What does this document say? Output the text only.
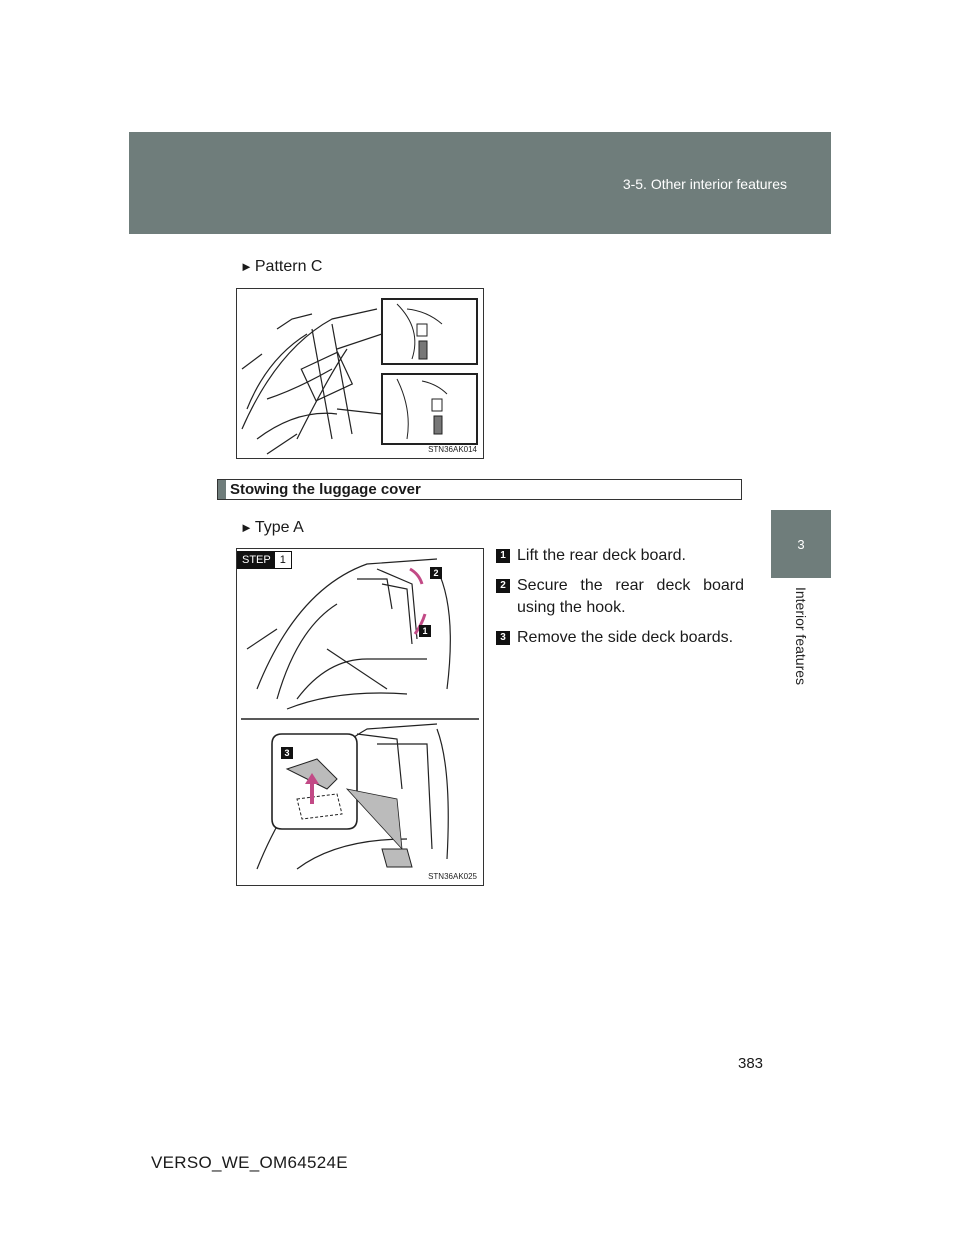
3-5. Other interior features
3
Interior features
► Pattern C
STN36AK014
Stowing the luggage cover
► Type A
STEP 1
2
1
3
STN36AK025
1 Lift the rear deck board.
2 Secure the rear deck board using the hook.
3 Remove the side deck boards.
383
VERSO_WE_OM64524E
